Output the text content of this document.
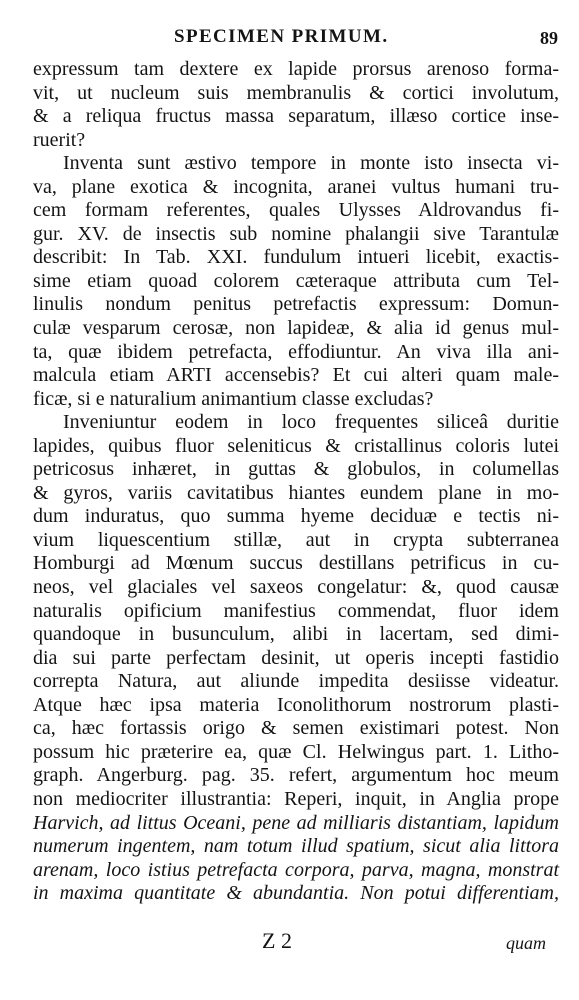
SPECIMEN PRIMUM.	89
expressum tam dextere ex lapide prorsus arenoso forma-
vit, ut nucleum suis membranulis & cortici involutum,
& a reliqua fructus massa separatum, illæso cortice inse-
ruerit?
Inventa sunt æstivo tempore in monte isto insecta vi-
va, plane exotica & incognita, aranei vultus humani tru-
cem formam referentes, quales Ulysses Aldrovandus fi-
gur. XV. de insectis sub nomine phalangii sive Tarantulæ
describit: In Tab. XXI. fundulum intueri licebit, exactis-
sime etiam quoad colorem cæteraque attributa cum Tel-
linulis nondum penitus petrefactis expressum: Domun-
culæ vesparum cerosæ, non lapideæ, & alia id genus mul-
ta, quæ ibidem petrefacta, effodiuntur. An viva illa ani-
malcula etiam ARTI accensebis? Et cui alteri quam male-
ficæ, si e naturalium animantium classe excludas?
Inveniuntur eodem in loco frequentes siliceâ duritie
lapides, quibus fluor seleniticus & cristallinus coloris lutei
petricosus inhæret, in guttas & globulos, in columellas
& gyros, variis cavitatibus hiantes eundem plane in mo-
dum induratus, quo summa hyeme deciduæ e tectis ni-
vium liquescentium stillæ, aut in crypta subterranea
Homburgi ad Mœnum succus destillans petrificus in cu-
neos, vel glaciales vel saxeos congelatur: &, quod causæ
naturalis opificium manifestius commendat, fluor idem
quandoque in busunculum, alibi in lacertam, sed dimi-
dia sui parte perfectam desinit, ut operis incepti fastidio
correpta Natura, aut aliunde impedita desiisse videatur.
Atque hæc ipsa materia Iconolithorum nostrorum plasti-
ca, hæc fortassis origo & semen existimari potest. Non
possum hic præterire ea, quæ Cl. Helwingus part. 1. Litho-
graph. Angerburg. pag. 35. refert, argumentum hoc meum
non mediocriter illustrantia: Reperi, inquit, in Anglia prope
Harvich, ad littus Oceani, pene ad milliaris distantiam, lapidum
numerum ingentem, nam totum illud spatium, sicut alia littora
arenam, loco istius petrefacta corpora, parva, magna, monstrat
in maxima quantitate & abundantia. Non potui differentiam,
Z 2	quam
